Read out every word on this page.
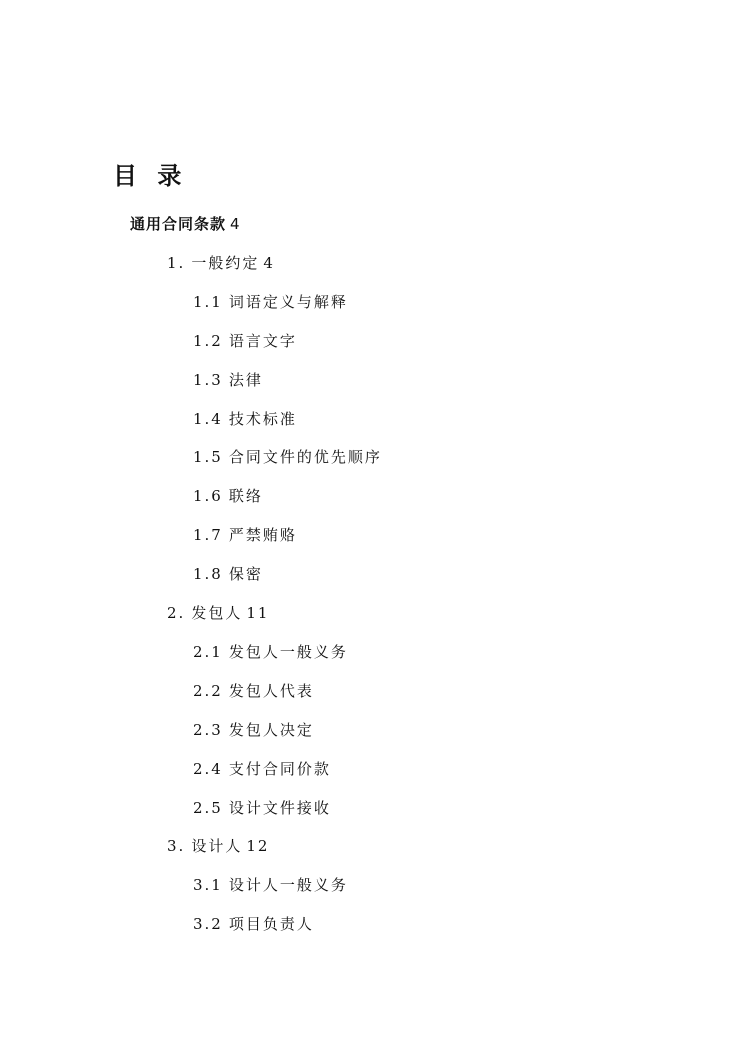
目 录
通用合同条款 4
1. 一般约定 4
1.1 词语定义与解释
1.2 语言文字
1.3 法律
1.4 技术标准
1.5 合同文件的优先顺序
1.6 联络
1.7 严禁贿赂
1.8 保密
2. 发包人 11
2.1 发包人一般义务
2.2 发包人代表
2.3 发包人决定
2.4 支付合同价款
2.5 设计文件接收
3. 设计人 12
3.1 设计人一般义务
3.2 项目负责人
